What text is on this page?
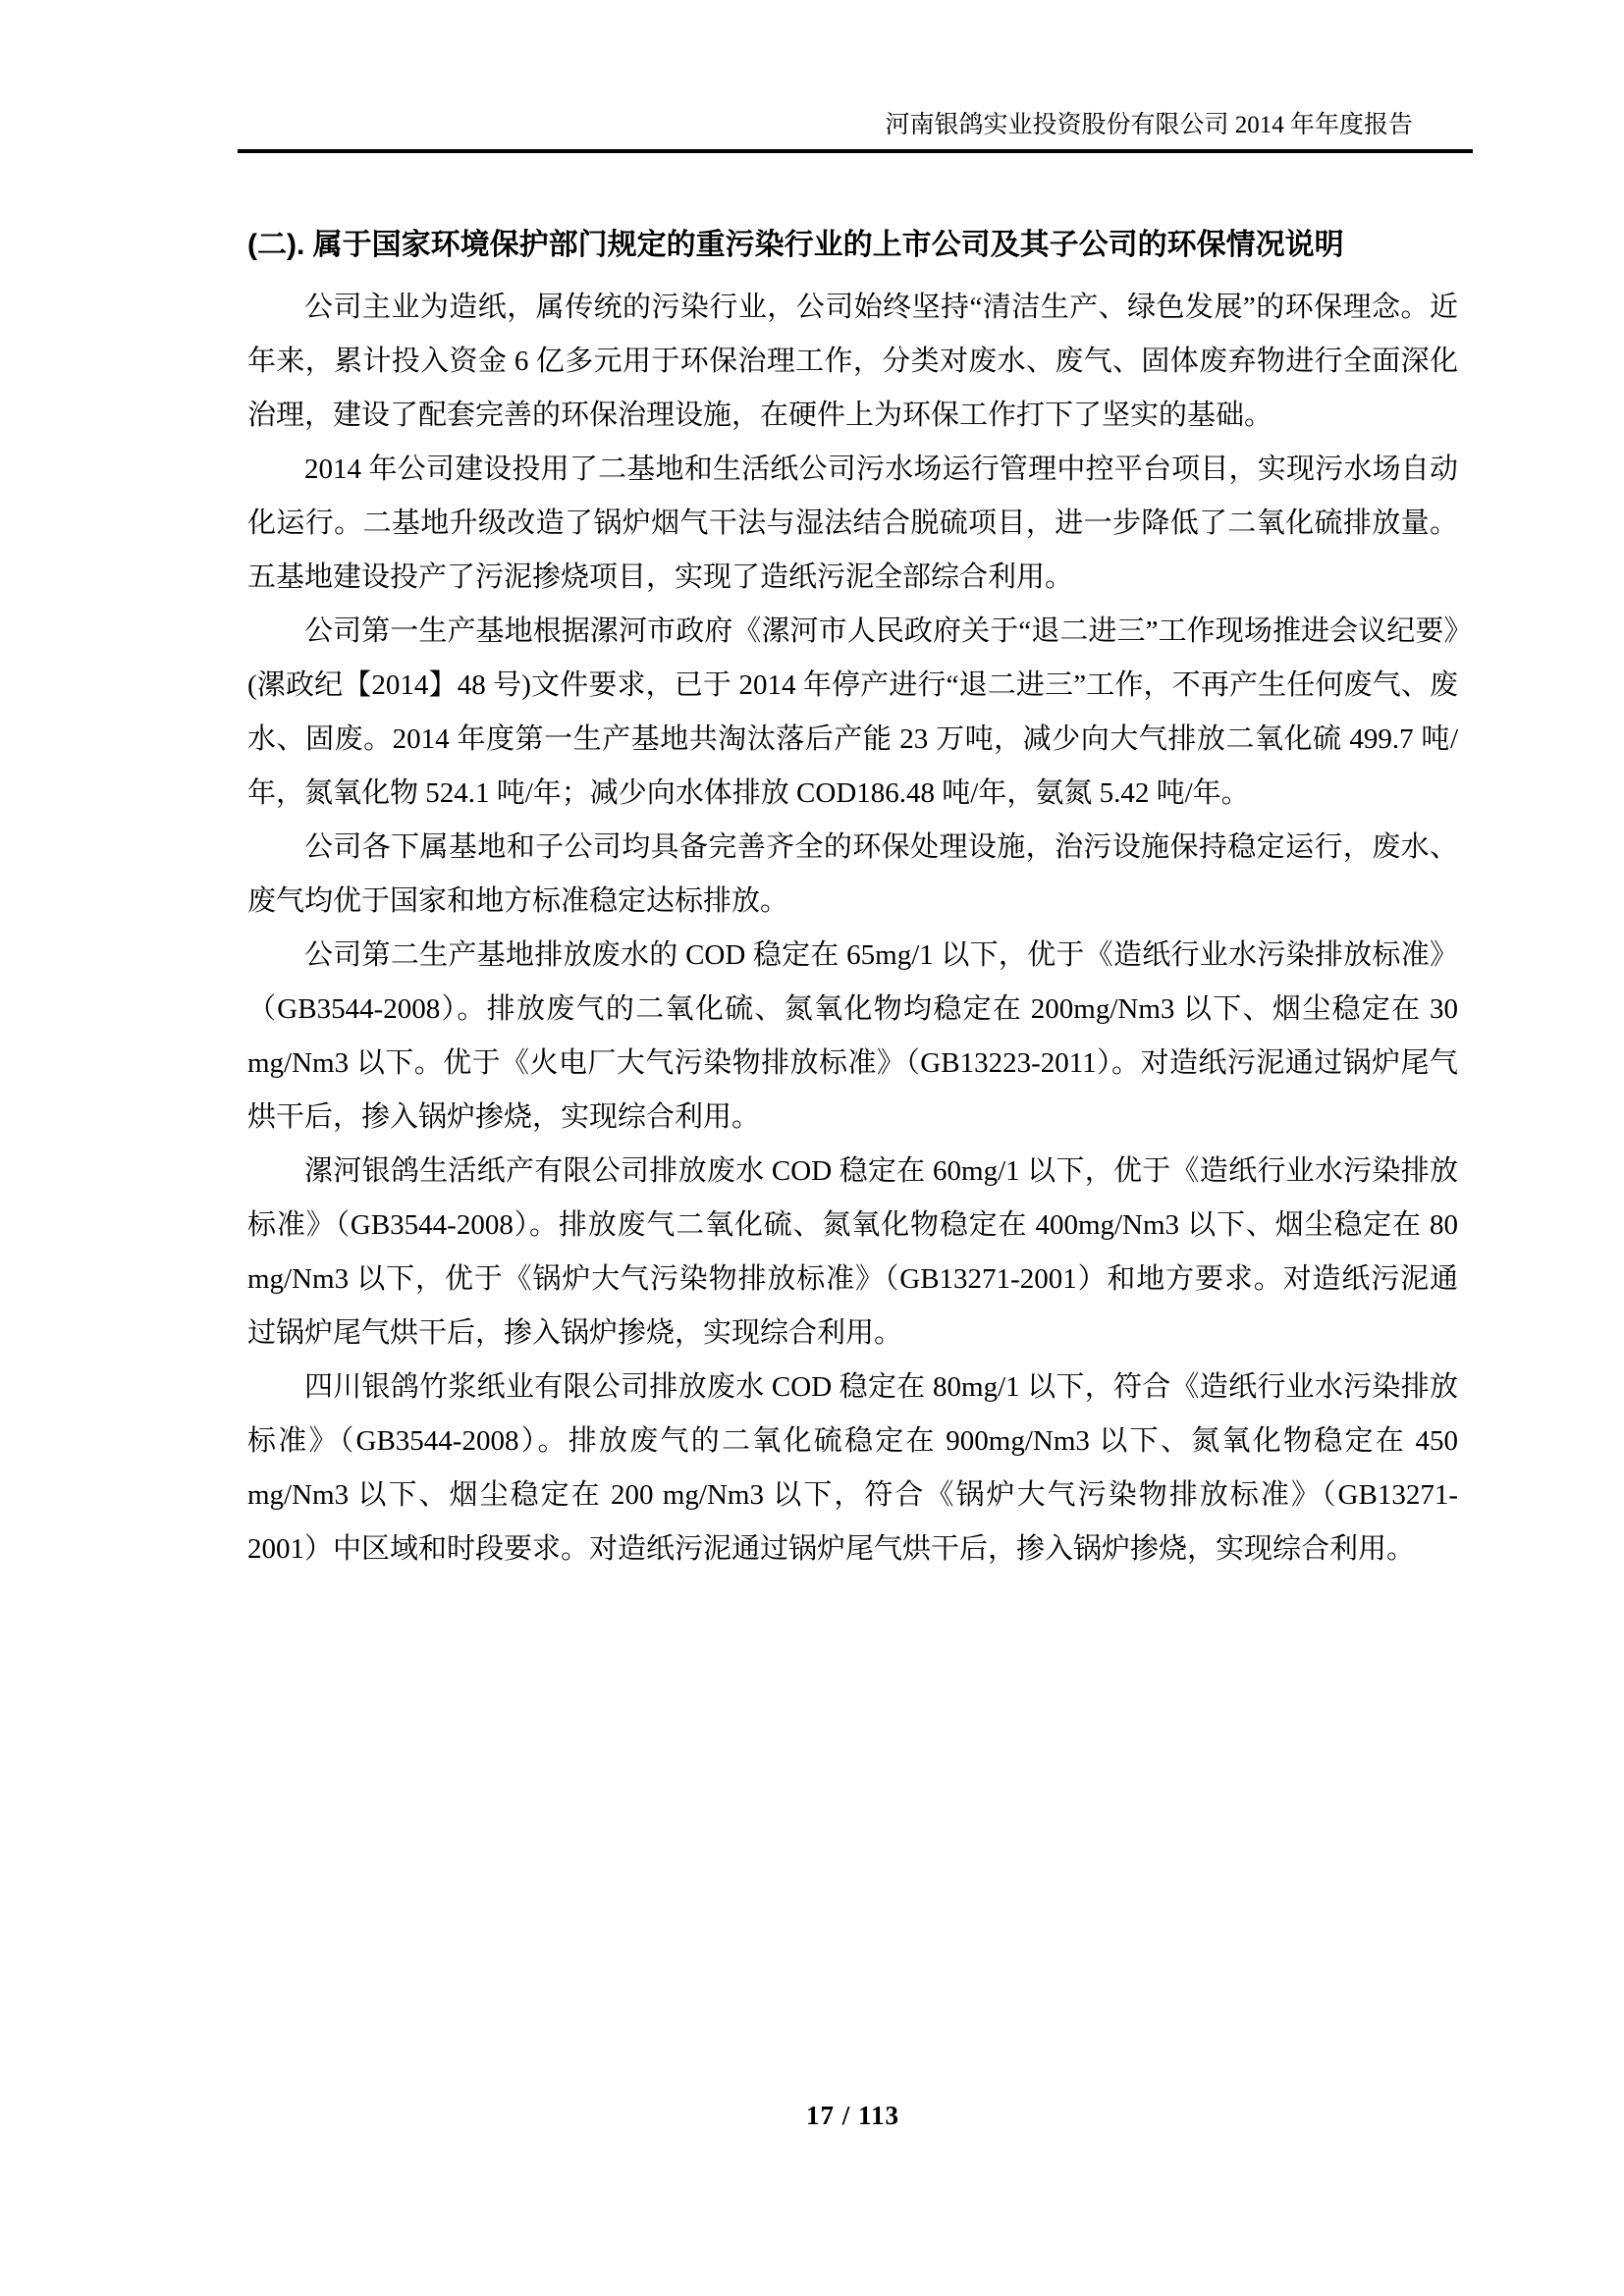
河南银鸽实业投资股份有限公司 2014 年年度报告
(二). 属于国家环境保护部门规定的重污染行业的上市公司及其子公司的环保情况说明

公司主业为造纸，属传统的污染行业，公司始终坚持“清洁生产、绿色发展”的环保理念。近年来，累计投入资金 6 亿多元用于环保治理工作，分类对废水、废气、固体废弃物进行全面深化治理，建设了配套完善的环保治理设施，在硬件上为环保工作打下了坚实的基础。

2014 年公司建设投用了二基地和生活纸公司污水场运行管理中控平台项目，实现污水场自动化运行。二基地升级改造了锅炉烟气干法与湿法结合脱硫项目，进一步降低了二氧化硫排放量。五基地建设投产了污泥掺烧项目，实现了造纸污泥全部综合利用。

公司第一生产基地根据漯河市政府《漯河市人民政府关于“退二进三”工作现场推进会议纪要》(漯政纪【2014】48 号)文件要求，已于 2014 年停产进行“退二进三”工作，不再产生任何废气、废水、固废。2014 年度第一生产基地共淘汰落后产能 23 万吨，减少向大气排放二氧化硫 499.7 吨/年，氮氧化物 524.1 吨/年；减少向水体排放 COD186.48 吨/年，氨氮 5.42 吨/年。

公司各下属基地和子公司均具备完善齐全的环保处理设施，治污设施保持稳定运行，废水、废气均优于国家和地方标准稳定达标排放。

公司第二生产基地排放废水的 COD 稳定在 65mg/1 以下，优于《造纸行业水污染排放标准》（GB3544-2008）。排放废气的二氧化硫、氮氧化物均稳定在 200mg/Nm3 以下、烟尘稳定在 30 mg/Nm3 以下。优于《火电厂大气污染物排放标准》（GB13223-2011）。对造纸污泥通过锅炉尾气烘干后，掺入锅炉掺烧，实现综合利用。

漯河银鸽生活纸产有限公司排放废水 COD 稳定在 60mg/1 以下，优于《造纸行业水污染排放标准》（GB3544-2008）。排放废气二氧化硫、氮氧化物稳定在 400mg/Nm3 以下、烟尘稳定在 80 mg/Nm3 以下，优于《锅炉大气污染物排放标准》（GB13271-2001）和地方要求。对造纸污泥通过锅炉尾气烘干后，掺入锅炉掺烧，实现综合利用。

四川银鸽竹浆纸业有限公司排放废水 COD 稳定在 80mg/1 以下，符合《造纸行业水污染排放标准》（GB3544-2008）。排放废气的二氧化硫稳定在 900mg/Nm3 以下、氮氧化物稳定在 450 mg/Nm3 以下、烟尘稳定在 200 mg/Nm3 以下，符合《锅炉大气污染物排放标准》（GB13271-2001）中区域和时段要求。对造纸污泥通过锅炉尾气烘干后，掺入锅炉掺烧，实现综合利用。

17 / 113
